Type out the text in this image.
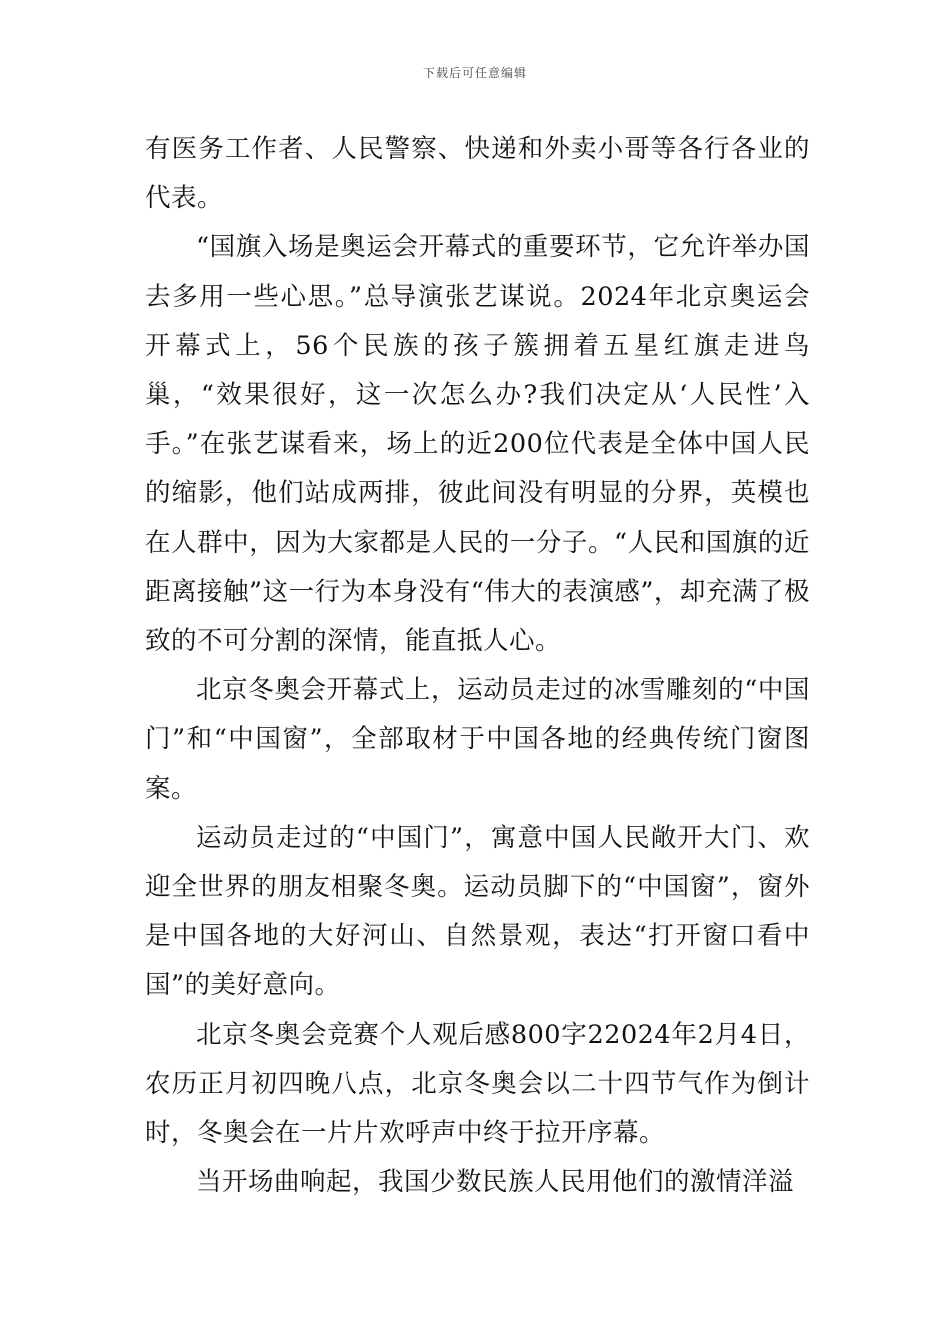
下载后可任意编辑

有医务工作者、人民警察、快递和外卖小哥等各行各业的代表。

“国旗入场是奥运会开幕式的重要环节，它允许举办国去多用一些心思。”总导演张艺谋说。2024年北京奥运会开幕式上，56个民族的孩子簇拥着五星红旗走进鸟巢，“效果很好，这一次怎么办?我们决定从‘人民性’入手。”在张艺谋看来，场上的近200位代表是全体中国人民的缩影，他们站成两排，彼此间没有明显的分界，英模也在人群中，因为大家都是人民的一分子。“人民和国旗的近距离接触”这一行为本身没有“伟大的表演感”，却充满了极致的不可分割的深情，能直抵人心。

北京冬奥会开幕式上，运动员走过的冰雪雕刻的“中国门”和“中国窗”，全部取材于中国各地的经典传统门窗图案。

运动员走过的“中国门”，寓意中国人民敞开大门、欢迎全世界的朋友相聚冬奥。运动员脚下的“中国窗”，窗外是中国各地的大好河山、自然景观，表达“打开窗口看中国”的美好意向。

北京冬奥会竞赛个人观后感800字22024年2月4日，农历正月初四晚八点，北京冬奥会以二十四节气作为倒计时，冬奥会在一片片欢呼声中终于拉开序幕。

当开场曲响起，我国少数民族人民用他们的激情洋溢
